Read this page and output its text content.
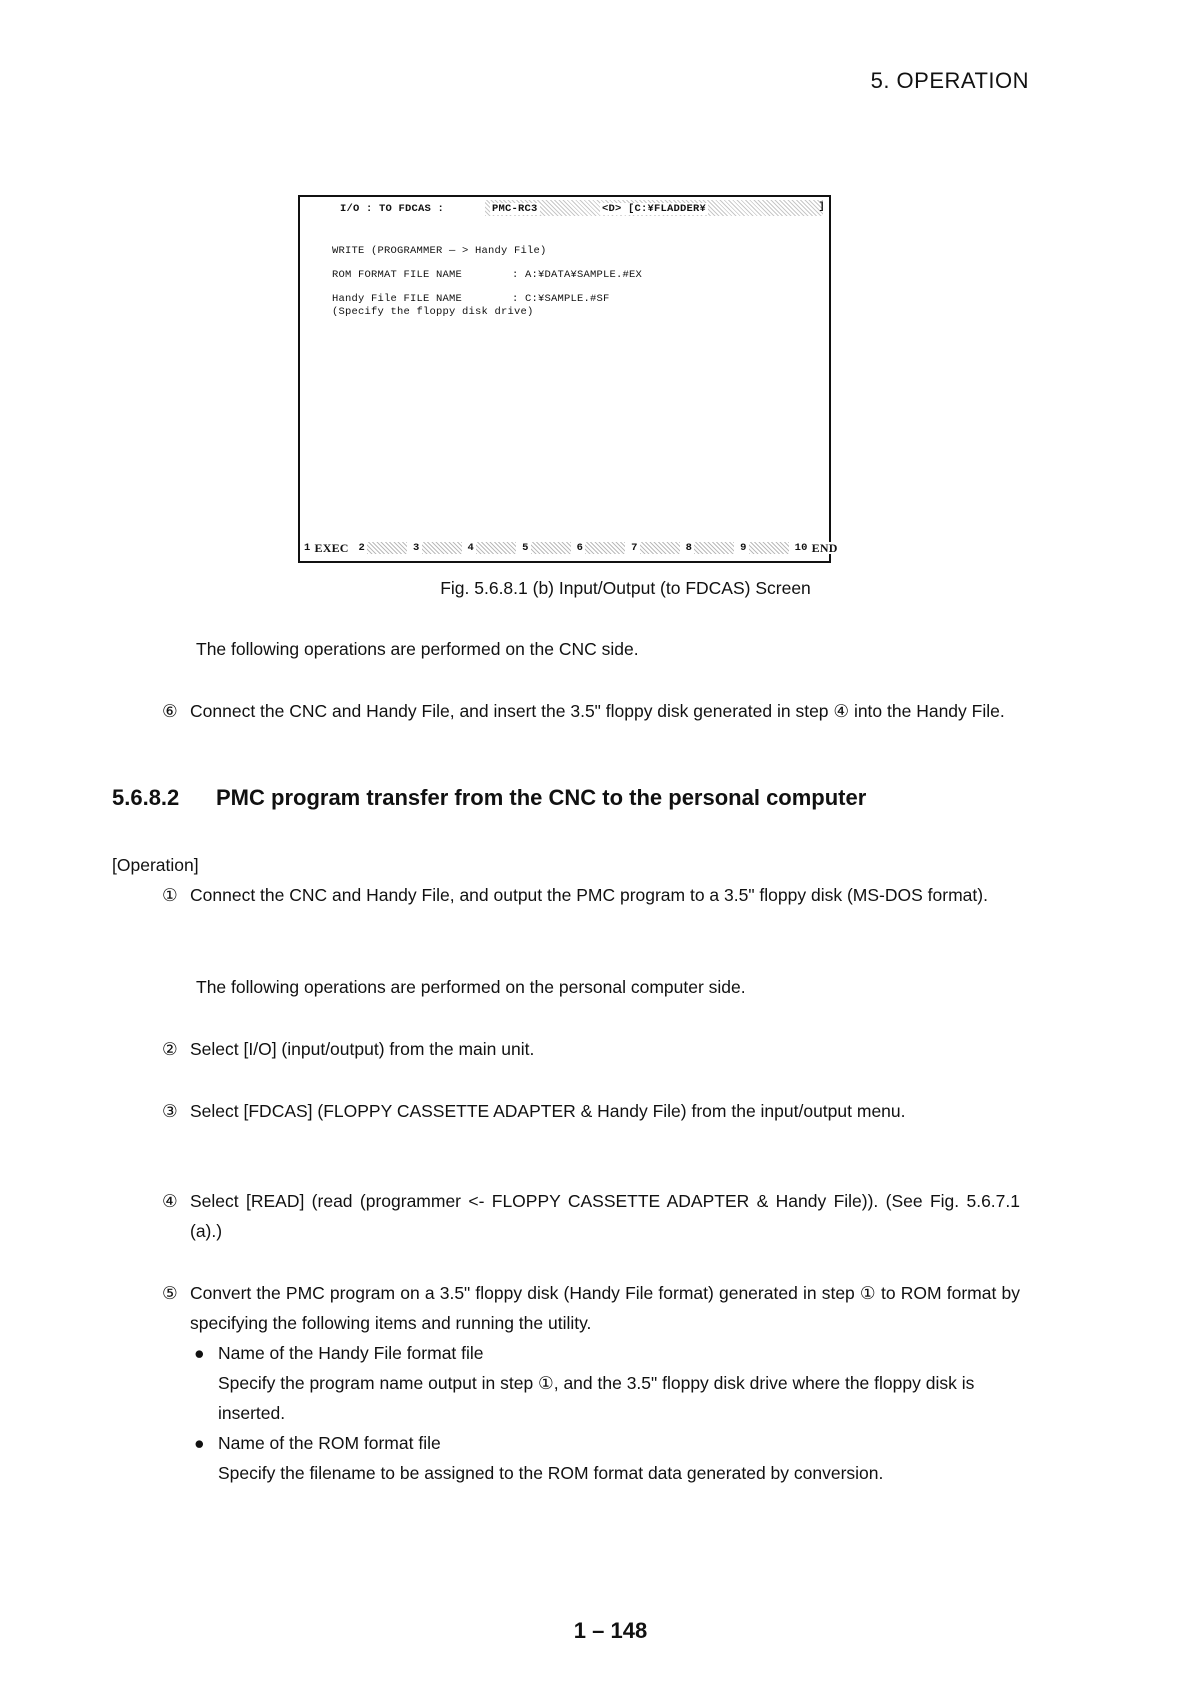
5. OPERATION
I/O : TO FDCAS :	PMC-RC3	<D> [C:¥FLADDER¥	]
WRITE (PROGRAMMER — > Handy File)
ROM FORMAT FILE NAME	: A:¥DATA¥SAMPLE.#EX
Handy File FILE NAME	: C:¥SAMPLE.#SF
(Specify the floppy disk drive)
1 EXEC 2	3	4	5	6	7	8	9	10 END
Fig. 5.6.8.1 (b) Input/Output (to FDCAS) Screen
The following operations are performed on the CNC side.
⑥ Connect the CNC and Handy File, and insert the 3.5" floppy disk generated in step ④ into the Handy File.
5.6.8.2 PMC program transfer from the CNC to the personal computer
[Operation]
① Connect the CNC and Handy File, and output the PMC program to a 3.5" floppy disk (MS-DOS format).
The following operations are performed on the personal computer side.
② Select [I/O] (input/output) from the main unit.
③ Select [FDCAS] (FLOPPY CASSETTE ADAPTER & Handy File) from the input/output menu.
④ Select [READ] (read (programmer <- FLOPPY CASSETTE ADAPTER & Handy File)). (See Fig. 5.6.7.1 (a).)
⑤ Convert the PMC program on a 3.5" floppy disk (Handy File format) generated in step ① to ROM format by specifying the following items and running the utility.
● Name of the Handy File format file
Specify the program name output in step ①, and the 3.5" floppy disk drive where the floppy disk is inserted.
● Name of the ROM format file
Specify the filename to be assigned to the ROM format data generated by conversion.
1 – 148
